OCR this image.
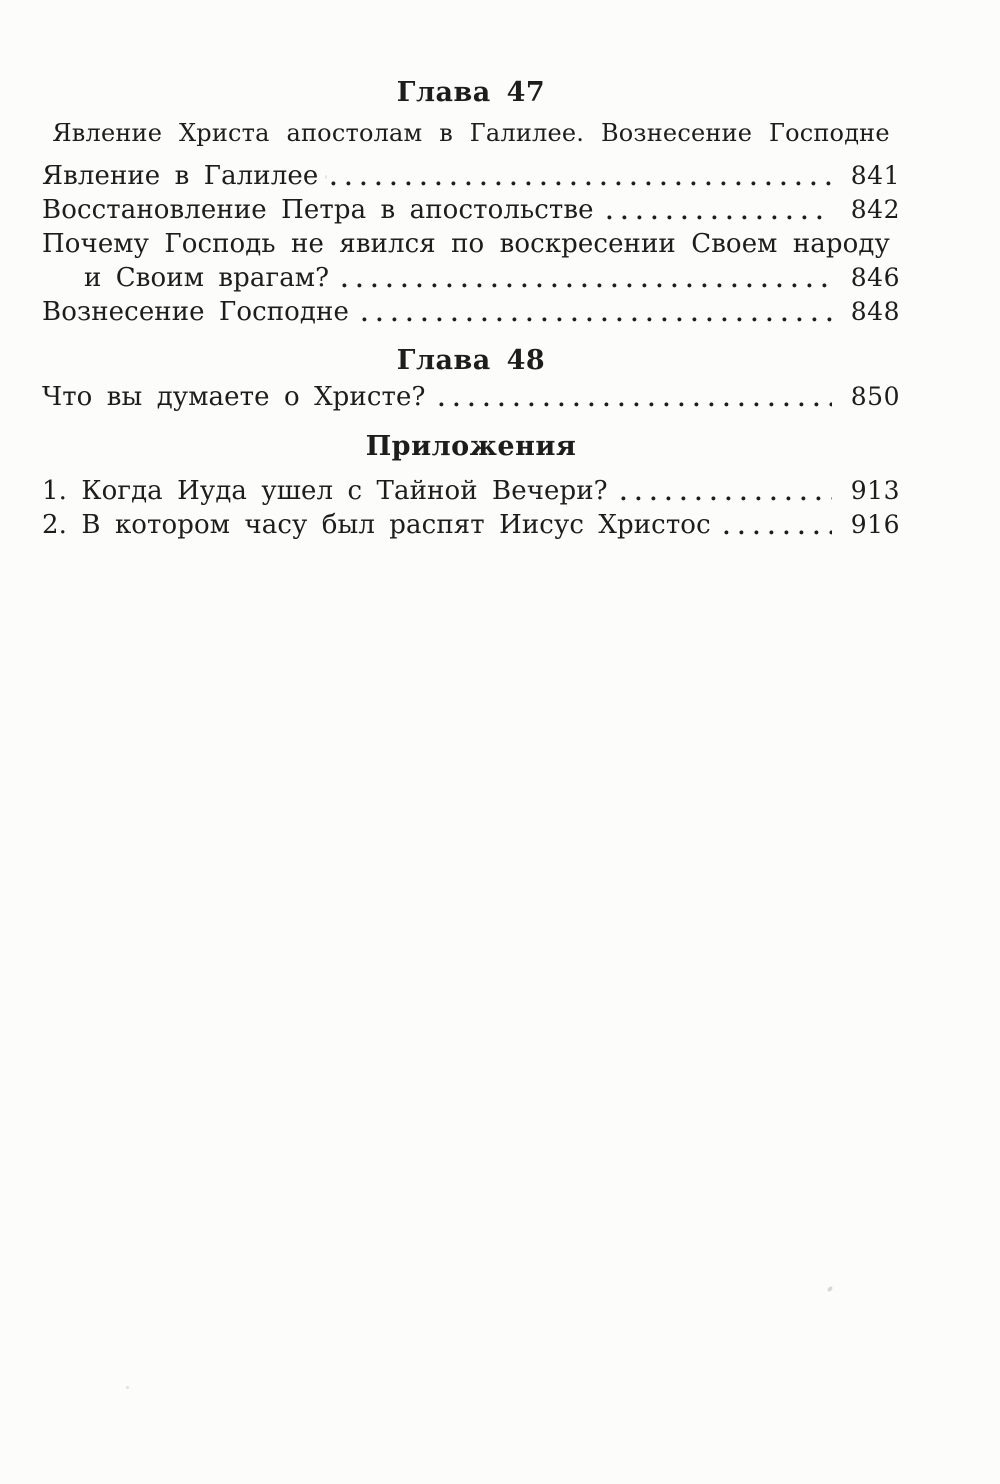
Глава 47
Явление Христа апостолам в Галилее. Вознесение Господне
Явление в Галилее	841
Восстановление Петра в апостольстве	842
Почему Господь не явился по воскресении Своем народу
и Своим врагам?	846
Вознесение Господне	848
Глава 48
Что вы думаете о Христе?	850
Приложения
1. Когда Иуда ушел с Тайной Вечери?	913
2. В котором часу был распят Иисус Христос	916
